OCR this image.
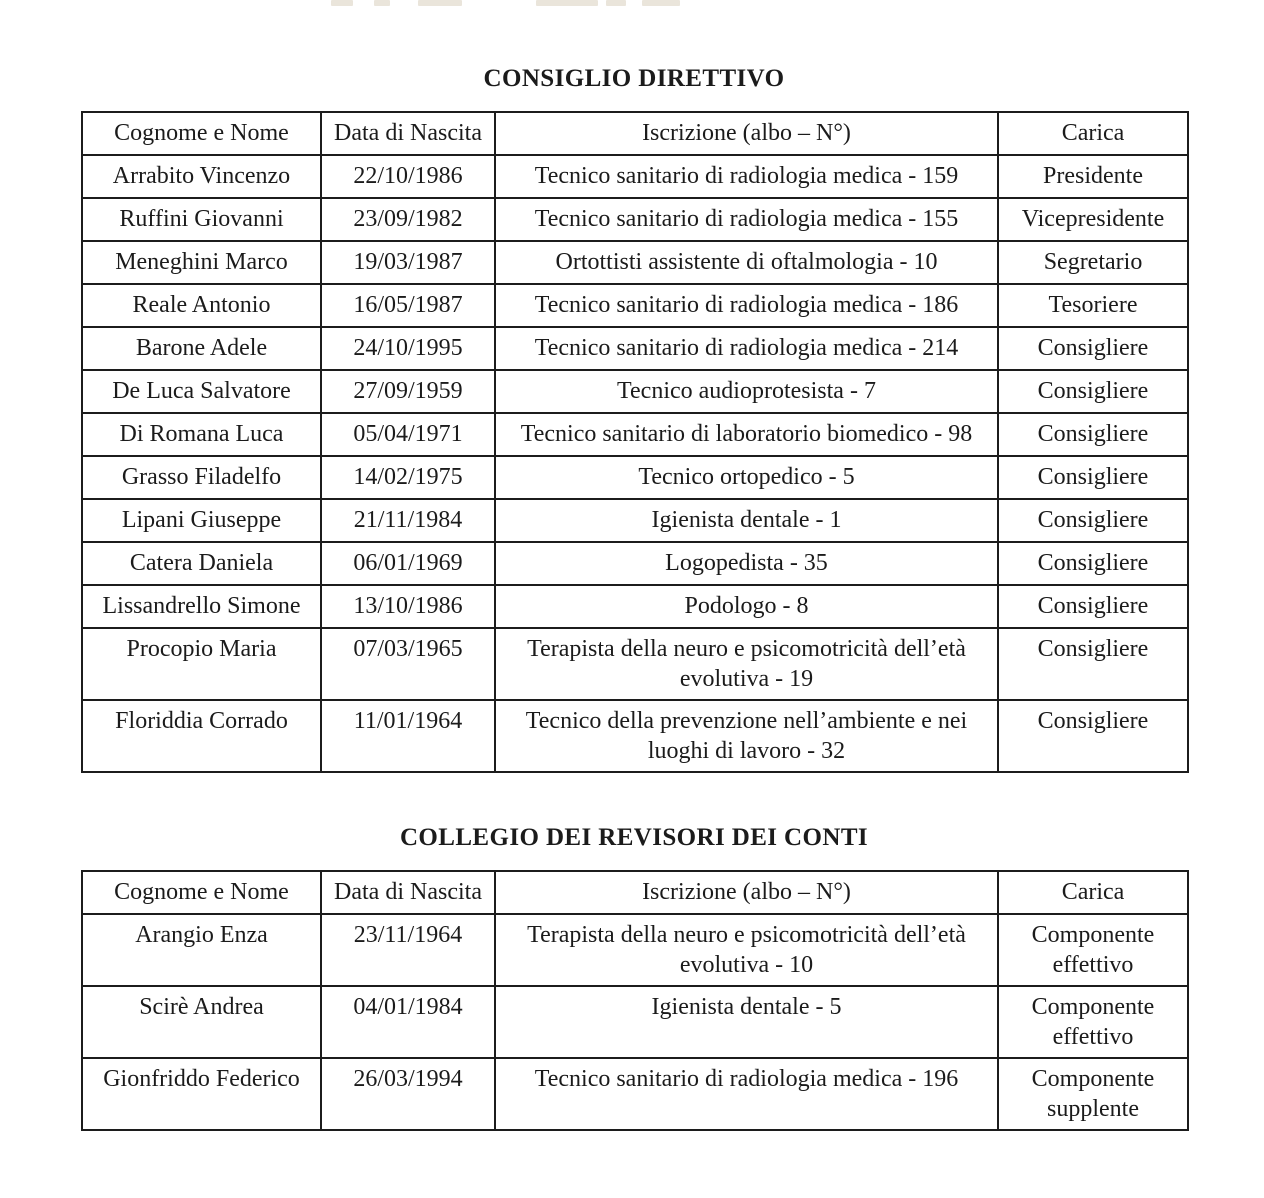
CONSIGLIO DIRETTIVO
Cognome e Nome	Data di Nascita	Iscrizione (albo – N°)	Carica
Arrabito Vincenzo	22/10/1986	Tecnico sanitario di radiologia medica - 159	Presidente
Ruffini Giovanni	23/09/1982	Tecnico sanitario di radiologia medica - 155	Vicepresidente
Meneghini Marco	19/03/1987	Ortottisti assistente di oftalmologia - 10	Segretario
Reale Antonio	16/05/1987	Tecnico sanitario di radiologia medica - 186	Tesoriere
Barone Adele	24/10/1995	Tecnico sanitario di radiologia medica - 214	Consigliere
De Luca Salvatore	27/09/1959	Tecnico audioprotesista - 7	Consigliere
Di Romana Luca	05/04/1971	Tecnico sanitario di laboratorio biomedico - 98	Consigliere
Grasso Filadelfo	14/02/1975	Tecnico ortopedico - 5	Consigliere
Lipani Giuseppe	21/11/1984	Igienista dentale - 1	Consigliere
Catera Daniela	06/01/1969	Logopedista - 35	Consigliere
Lissandrello Simone	13/10/1986	Podologo - 8	Consigliere
Procopio Maria	07/03/1965	Terapista della neuro e psicomotricità dell’età evolutiva - 19	Consigliere
Floriddia Corrado	11/01/1964	Tecnico della prevenzione nell’ambiente e nei luoghi di lavoro - 32	Consigliere
COLLEGIO DEI REVISORI DEI CONTI
Cognome e Nome	Data di Nascita	Iscrizione (albo – N°)	Carica
Arangio Enza	23/11/1964	Terapista della neuro e psicomotricità dell’età evolutiva - 10	Componente effettivo
Scirè Andrea	04/01/1984	Igienista dentale - 5	Componente effettivo
Gionfriddo Federico	26/03/1994	Tecnico sanitario di radiologia medica - 196	Componente supplente
